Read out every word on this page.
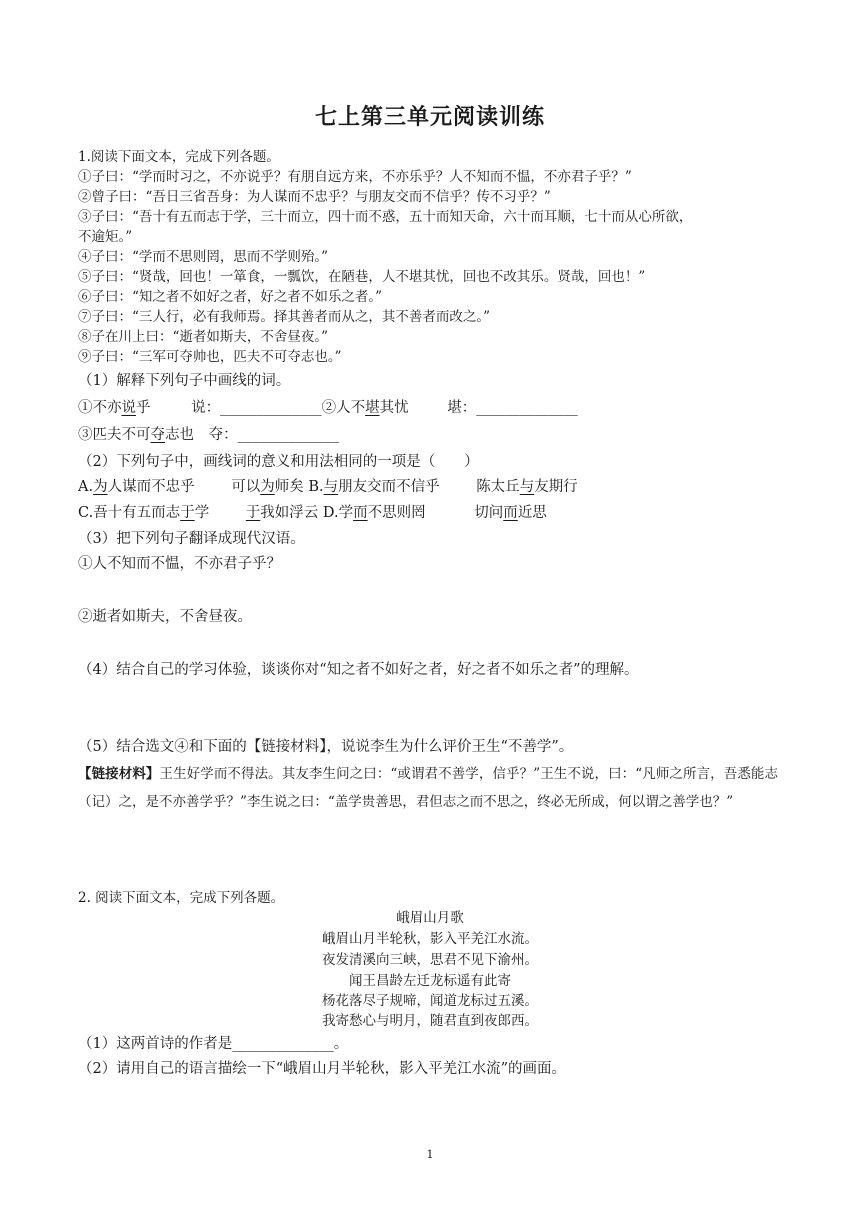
七上第三单元阅读训练
1.阅读下面文本，完成下列各题。
①子曰：“学而时习之，不亦说乎？有朋自远方来，不亦乐乎？人不知而不愠，不亦君子乎？”
②曾子曰：“吾日三省吾身：为人谋而不忠乎？与朋友交而不信乎？传不习乎？”
③子曰：“吾十有五而志于学，三十而立，四十而不惑，五十而知天命，六十而耳顺，七十而从心所欲，
不逾矩。”
④子曰：“学而不思则罔，思而不学则殆。”
⑤子曰：“贤哉，回也！一箪食，一瓢饮，在陋巷，人不堪其忧，回也不改其乐。贤哉，回也！”
⑥子曰：“知之者不如好之者，好之者不如乐之者。”
⑦子曰：“三人行，必有我师焉。择其善者而从之，其不善者而改之。”
⑧子在川上曰：“逝者如斯夫，不舍昼夜。”
⑨子曰：“三军可夺帅也，匹夫不可夺志也。”
（1）解释下列句子中画线的词。
①不亦说乎	说：______________②人不堪其忧	堪：______________
③匹夫不可夺志也 夺：______________
（2）下列句子中，画线词的意义和用法相同的一项是（　　）
A.为人谋而不忠乎	可以为师矣 B.与朋友交而不信乎	陈太丘与友期行
C.吾十有五而志于学	于我如浮云 D.学而不思则罔	切问而近思
（3）把下列句子翻译成现代汉语。
①人不知而不愠，不亦君子乎？
②逝者如斯夫，不舍昼夜。
（4）结合自己的学习体验，谈谈你对“知之者不如好之者，好之者不如乐之者”的理解。
（5）结合选文④和下面的【链接材料】，说说李生为什么评价王生“不善学”。
【链接材料】王生好学而不得法。其友李生问之曰：“或谓君不善学，信乎？”王生不说，曰：“凡师之所言，吾悉能志（记）之，是不亦善学乎？”李生说之曰：“盖学贵善思，君但志之而不思之，终必无所成，何以谓之善学也？”
2. 阅读下面文本，完成下列各题。
峨眉山月歌
峨眉山月半轮秋，影入平羌江水流。
夜发清溪向三峡，思君不见下渝州。
闻王昌龄左迁龙标遥有此寄
杨花落尽子规啼，闻道龙标过五溪。
我寄愁心与明月，随君直到夜郎西。
（1）这两首诗的作者是______________。
（2）请用自己的语言描绘一下“峨眉山月半轮秋，影入平羌江水流”的画面。
1
